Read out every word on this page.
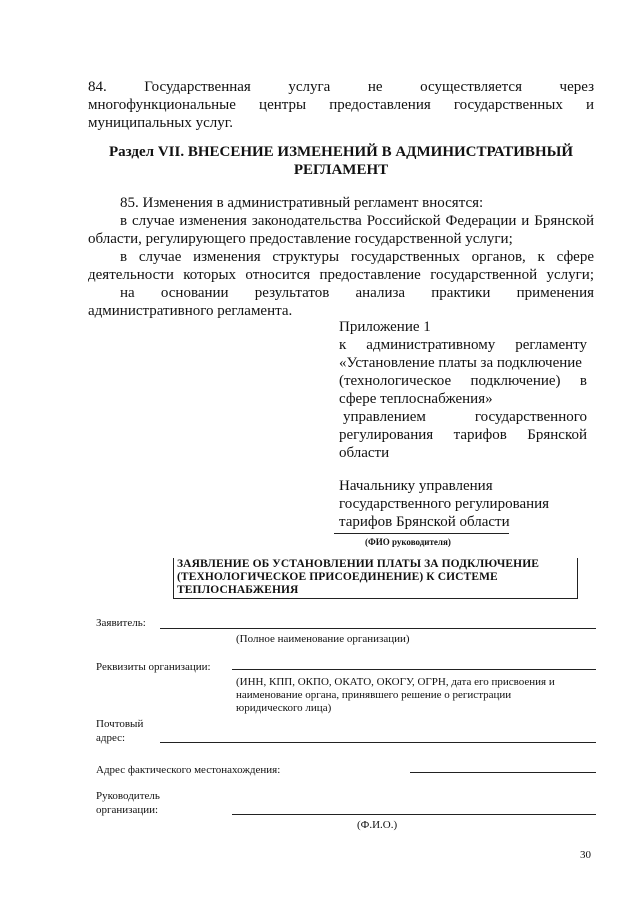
84. Государственная услуга не осуществляется через
многофункциональные центры предоставления государственных и
муниципальных услуг.
Раздел VII. ВНЕСЕНИЕ ИЗМЕНЕНИЙ В АДМИНИСТРАТИВНЫЙ
РЕГЛАМЕНТ
85. Изменения в административный регламент вносятся:
в случае изменения законодательства Российской Федерации и Брянской
области, регулирующего предоставление государственной услуги;
в случае изменения структуры государственных органов, к сфере
деятельности которых относится предоставление государственной услуги;
на основании результатов анализа практики применения
административного регламента.
Приложение 1
к административному регламенту
«Установление платы за подключение
(технологическое подключение) в
сфере теплоснабжения»
управлением государственного
регулирования тарифов Брянской
области
Начальнику управления
государственного регулирования
тарифов Брянской области
(ФИО руководителя)
ЗАЯВЛЕНИЕ ОБ УСТАНОВЛЕНИИ ПЛАТЫ ЗА ПОДКЛЮЧЕНИЕ
(ТЕХНОЛОГИЧЕСКОЕ ПРИСОЕДИНЕНИЕ) К СИСТЕМЕ
ТЕПЛОСНАБЖЕНИЯ
Заявитель:
(Полное наименование организации)
Реквизиты организации:
(ИНН, КПП, ОКПО, ОКАТО, ОКОГУ, ОГРН, дата его присвоения и
наименование органа, принявшего решение о регистрации
юридического лица)
Почтовый
адрес:
Адрес фактического местонахождения:
Руководитель
организации:
(Ф.И.О.)
30
